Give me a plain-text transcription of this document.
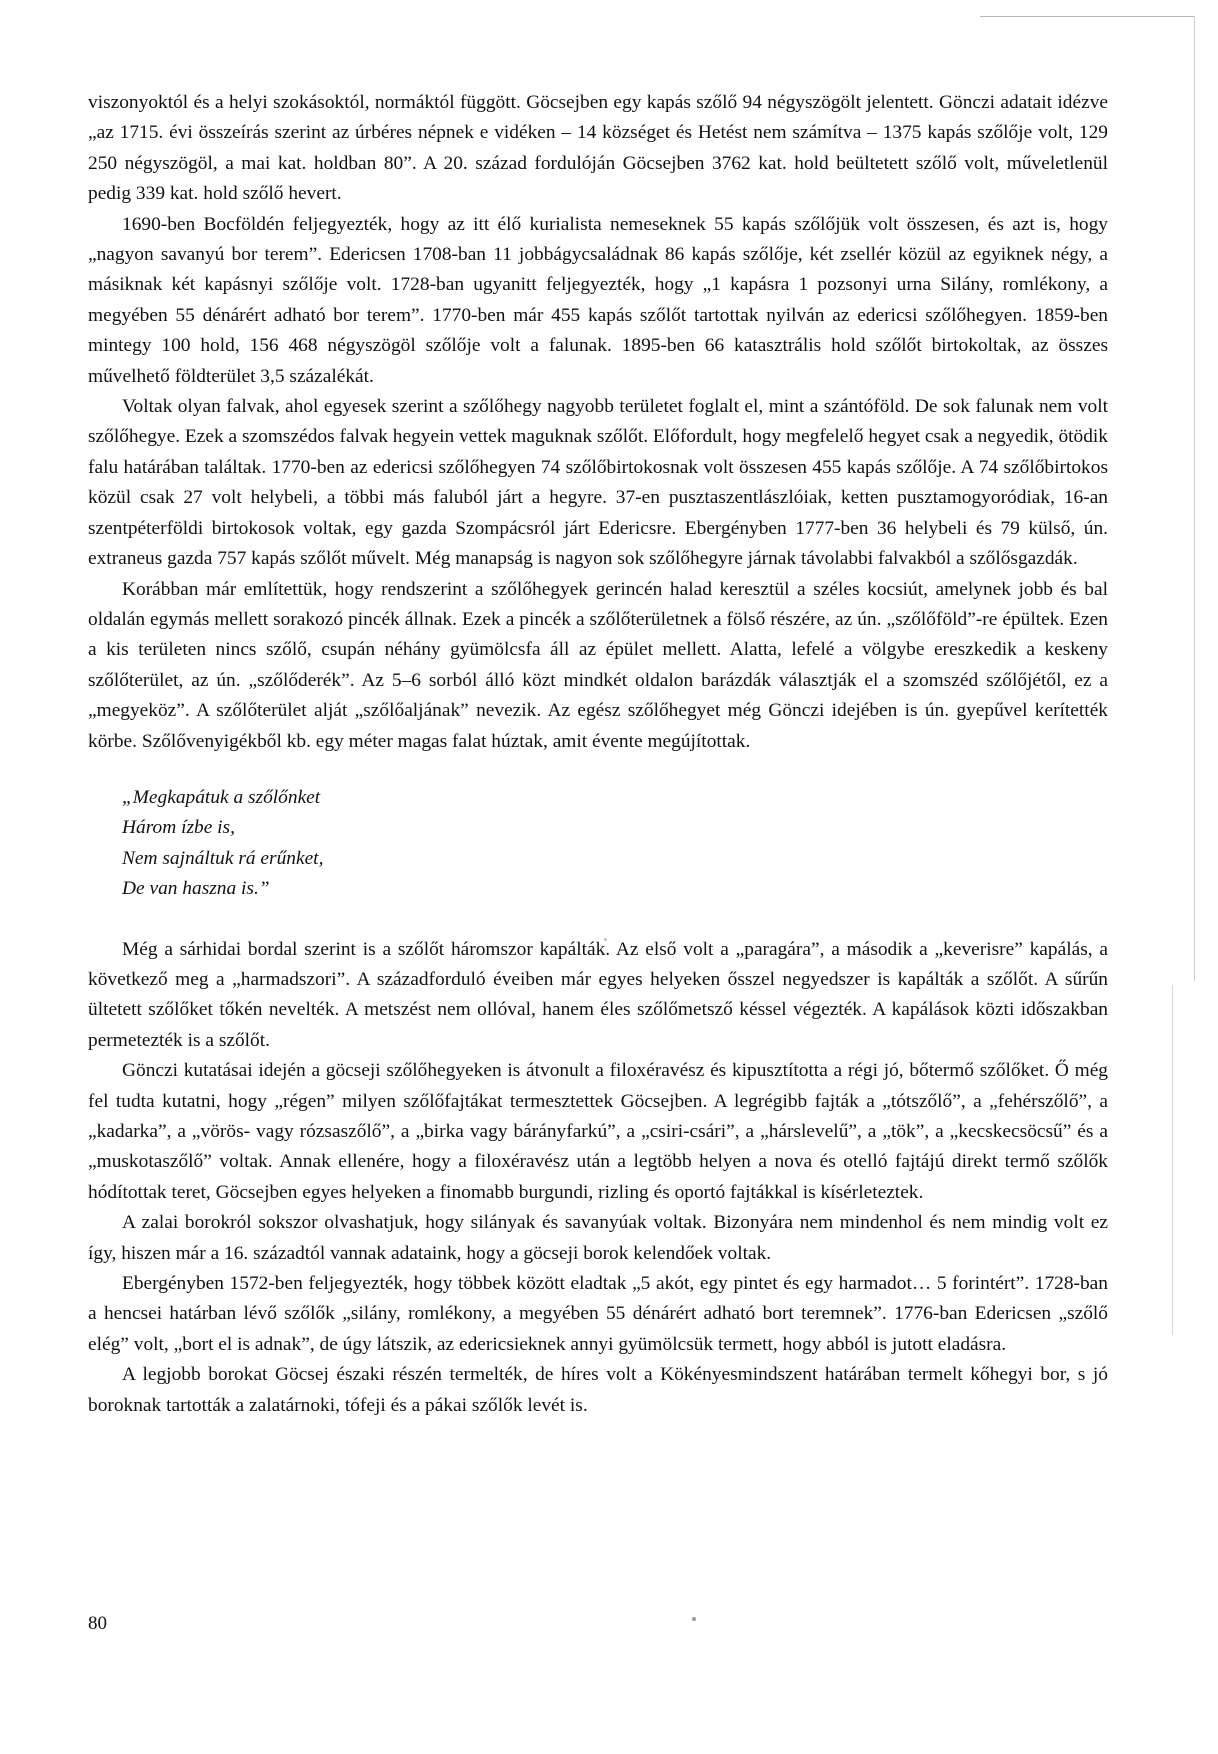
viszonyoktól és a helyi szokásoktól, normáktól függött. Göcsejben egy kapás szőlő 94 négyszögölt jelentett. Gönczi adatait idézve „az 1715. évi összeírás szerint az úrbéres népnek e vidéken – 14 községet és Hetést nem számítva – 1375 kapás szőlője volt, 129 250 négyszögöl, a mai kat. holdban 80”. A 20. század fordulóján Göcsejben 3762 kat. hold beültetett szőlő volt, műveletlenül pedig 339 kat. hold szőlő hevert.

1690-ben Bocföldén feljegyezték, hogy az itt élő kurialista nemeseknek 55 kapás szőlőjük volt összesen, és azt is, hogy „nagyon savanyú bor terem”. Edericsen 1708-ban 11 jobbágycsaládnak 86 kapás szőlője, két zsellér közül az egyiknek négy, a másiknak két kapásnyi szőlője volt. 1728-ban ugyanitt feljegyezték, hogy „1 kapásra 1 pozsonyi urna Silány, romlékony, a megyében 55 dénárért adható bor terem”. 1770-ben már 455 kapás szőlőt tartottak nyilván az edericsi szőlőhegyen. 1859-ben mintegy 100 hold, 156 468 négyszögöl szőlője volt a falunak. 1895-ben 66 katasztrális hold szőlőt birtokoltak, az összes művelhető földterület 3,5 százalékát.

Voltak olyan falvak, ahol egyesek szerint a szőlőhegy nagyobb területet foglalt el, mint a szántóföld. De sok falunak nem volt szőlőhegye. Ezek a szomszédos falvak hegyein vettek maguknak szőlőt. Előfordult, hogy megfelelő hegyet csak a negyedik, ötödik falu határában találtak. 1770-ben az edericsi szőlőhegyen 74 szőlőbirtokosnak volt összesen 455 kapás szőlője. A 74 szőlőbirtokos közül csak 27 volt helybeli, a többi más faluból járt a hegyre. 37-en pusztaszentlászlóiak, ketten pusztamogyoródiak, 16-an szentpéterföldi birtokosok voltak, egy gazda Szompácsról járt Edericsre. Ebergényben 1777-ben 36 helybeli és 79 külső, ún. extraneus gazda 757 kapás szőlőt művelt. Még manapság is nagyon sok szőlőhegyre járnak távolabbi falvakból a szőlősgazdák.

Korábban már említettük, hogy rendszerint a szőlőhegyek gerincén halad keresztül a széles kocsiút, amelynek jobb és bal oldalán egymás mellett sorakozó pincék állnak. Ezek a pincék a szőlőterületnek a fölső részére, az ún. „szőlőföld”-re épültek. Ezen a kis területen nincs szőlő, csupán néhány gyümölcsfa áll az épület mellett. Alatta, lefelé a völgybe ereszkedik a keskeny szőlőterület, az ún. „szőlőderék”. Az 5–6 sorból álló közt mindkét oldalon barázdák választják el a szomszéd szőlőjétől, ez a „megyeköz”. A szőlőterület alját „szőlőaljának” nevezik. Az egész szőlőhegyet még Gönczi idejében is ún. gyepűvel kerítették körbe. Szőlővenyigékből kb. egy méter magas falat húztak, amit évente megújítottak.

„Megkapátuk a szőlőnket
Három ízbe is,
Nem sajnáltuk rá erűnket,
De van haszna is.”

Még a sárhidai bordal szerint is a szőlőt háromszor kapálták. Az első volt a „paragára”, a második a „keverisre” kapálás, a következő meg a „harmadszori”. A századforduló éveiben már egyes helyeken ősszel negyedszer is kapálták a szőlőt. A sűrűn ültetett szőlőket tőkén nevelték. A metszést nem ollóval, hanem éles szőlőmetsző késsel végezték. A kapálások közti időszakban permetezték is a szőlőt.

Gönczi kutatásai idején a göcseji szőlőhegyeken is átvonult a filoxéravész és kipusztította a régi jó, bőtermő szőlőket. Ő még fel tudta kutatni, hogy „régen” milyen szőlőfajtákat termesztettek Göcsejben. A legrégibb fajták a „tótszőlő”, a „fehérszőlő”, a „kadarka”, a „vörös- vagy rózsaszőlő”, a „birka vagy bárányfarkú”, a „csiri-csári”, a „hárslevelű”, a „tök”, a „kecskecsöcsű” és a „muskotaszőlő” voltak. Annak ellenére, hogy a filoxéravész után a legtöbb helyen a nova és otelló fajtájú direkt termő szőlők hódítottak teret, Göcsejben egyes helyeken a finomabb burgundi, rizling és oportó fajtákkal is kísérleteztek.

A zalai borokról sokszor olvashatjuk, hogy silányak és savanyúak voltak. Bizonyára nem mindenhol és nem mindig volt ez így, hiszen már a 16. századtól vannak adataink, hogy a göcseji borok kelendőek voltak.

Ebergényben 1572-ben feljegyezték, hogy többek között eladtak „5 akót, egy pintet és egy harmadot… 5 forintért”. 1728-ban a hencsei határban lévő szőlők „silány, romlékony, a megyében 55 dénárért adható bort teremnek”. 1776-ban Edericsen „szőlő elég” volt, „bort el is adnak”, de úgy látszik, az edericsieknek annyi gyümölcsük termett, hogy abból is jutott eladásra.

A legjobb borokat Göcsej északi részén termelték, de híres volt a Kökényesmindszent határában termelt kőhegyi bor, s jó boroknak tartották a zalatárnoki, tófeji és a pákai szőlők levét is.

80
